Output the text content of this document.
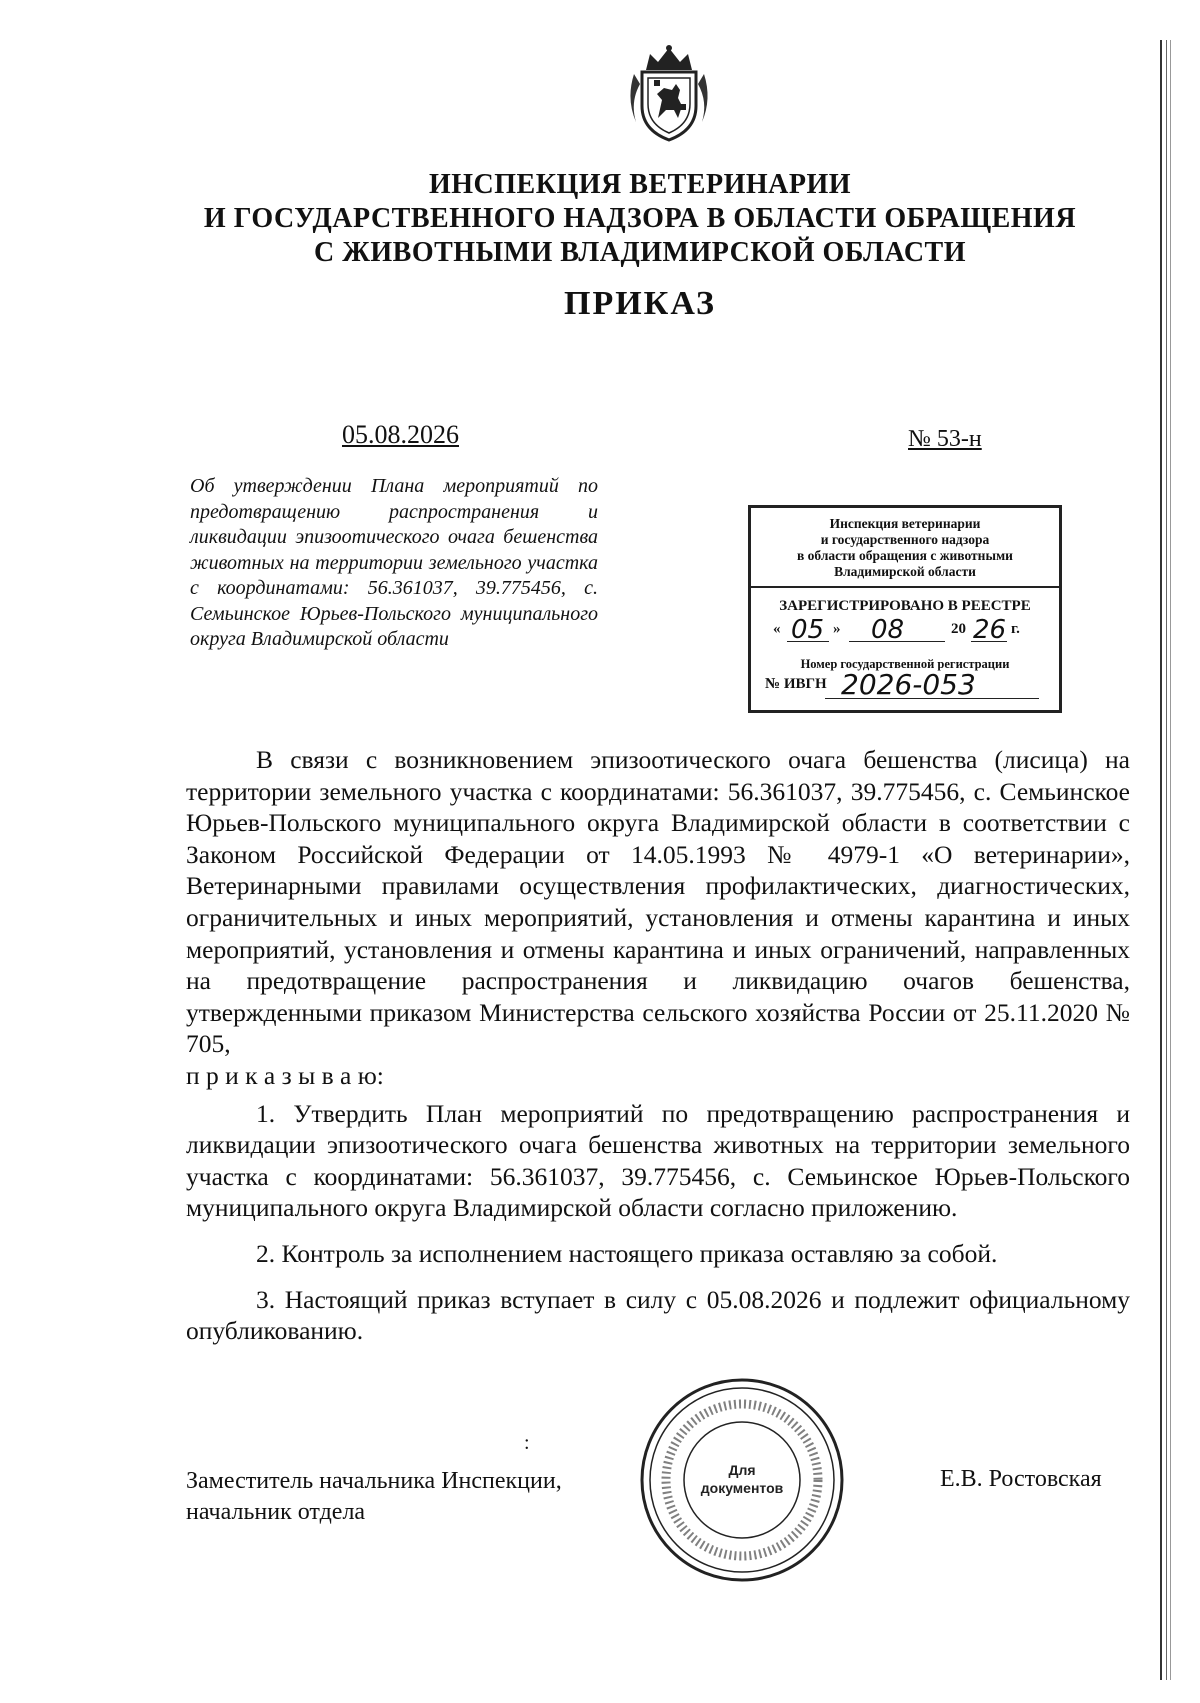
ИНСПЕКЦИЯ ВЕТЕРИНАРИИ
И ГОСУДАРСТВЕННОГО НАДЗОРА В ОБЛАСТИ ОБРАЩЕНИЯ
С ЖИВОТНЫМИ ВЛАДИМИРСКОЙ ОБЛАСТИ
ПРИКАЗ
05.08.2026	№ 53-н
Об утверждении Плана мероприятий по предотвращению распространения и ликвидации эпизоотического очага бешенства животных на территории земельного участка с координатами: 56.361037, 39.775456, с. Семьинское Юрьев-Польского муниципального округа Владимирской области
Инспекция ветеринарии
и государственного надзора
в области обращения с животными
Владимирской области
ЗАРЕГИСТРИРОВАНО В РЕЕСТРЕ
« 05 » 08	20 26 г.
Номер государственной регистрации
№ ИВГН 2026-053

В связи с возникновением эпизоотического очага бешенства (лисица) на территории земельного участка с координатами: 56.361037, 39.775456, с. Семьинское Юрьев-Польского муниципального округа Владимирской области в соответствии с Законом Российской Федерации от 14.05.1993 № 4979-1 «О ветеринарии», Ветеринарными правилами осуществления профилактических, диагностических, ограничительных и иных мероприятий, установления и отмены карантина и иных мероприятий, установления и отмены карантина и иных ограничений, направленных на предотвращение распространения и ликвидацию очагов бешенства, утвержденными приказом Министерства сельского хозяйства России от 25.11.2020 № 705,

п р и к а з ы в а ю:

1. Утвердить План мероприятий по предотвращению распространения и ликвидации эпизоотического очага бешенства животных на территории земельного участка с координатами: 56.361037, 39.775456, с. Семьинское Юрьев-Польского муниципального округа Владимирской области согласно приложению.

2. Контроль за исполнением настоящего приказа оставляю за собой.

3. Настоящий приказ вступает в силу с 05.08.2026 и подлежит официальному опубликованию.

:
Заместитель начальника Инспекции,
начальник отдела
Е.В. Ростовская
Для
документов
